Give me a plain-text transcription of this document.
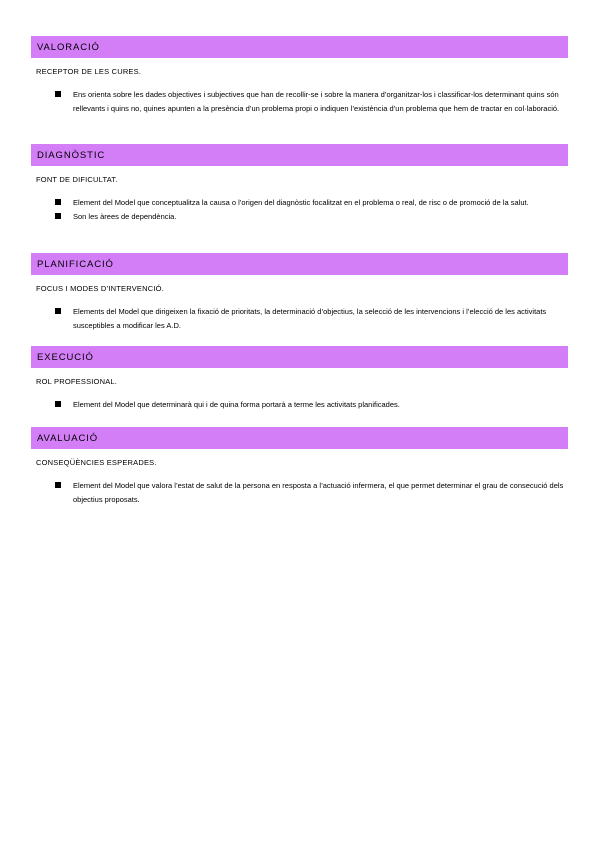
VALORACIÓ
RECEPTOR DE LES CURES.
Ens orienta sobre les dades objectives i subjectives que han de recollir-se i sobre la manera d’organitzar-los i classificar-los determinant quins són rellevants i quins no, quines apunten a la presència d’un problema propi o indiquen l’existència d’un problema que hem de tractar en col·laboració.
DIAGNÒSTIC
FONT DE DIFICULTAT.
Element del Model que conceptualitza la causa o l’origen del diagnòstic focalitzat en el problema o real, de risc o de promoció de la salut.
Son les àrees de dependència.
PLANIFICACIÓ
FOCUS I MODES D’INTERVENCIÓ.
Elements del Model que dirigeixen la fixació de prioritats, la determinació d’objectius, la selecció de les intervencions i l’elecció de les activitats susceptibles a modificar les A.D.
EXECUCIÓ
ROL PROFESSIONAL.
Element del Model que determinarà qui i de quina forma portarà a terme les activitats planificades.
AVALUACIÓ
CONSEQÜÈNCIES ESPERADES.
Element del Model que valora l’estat de salut de la persona en resposta a l’actuació infermera, el que permet determinar el grau de consecució dels objectius proposats.
